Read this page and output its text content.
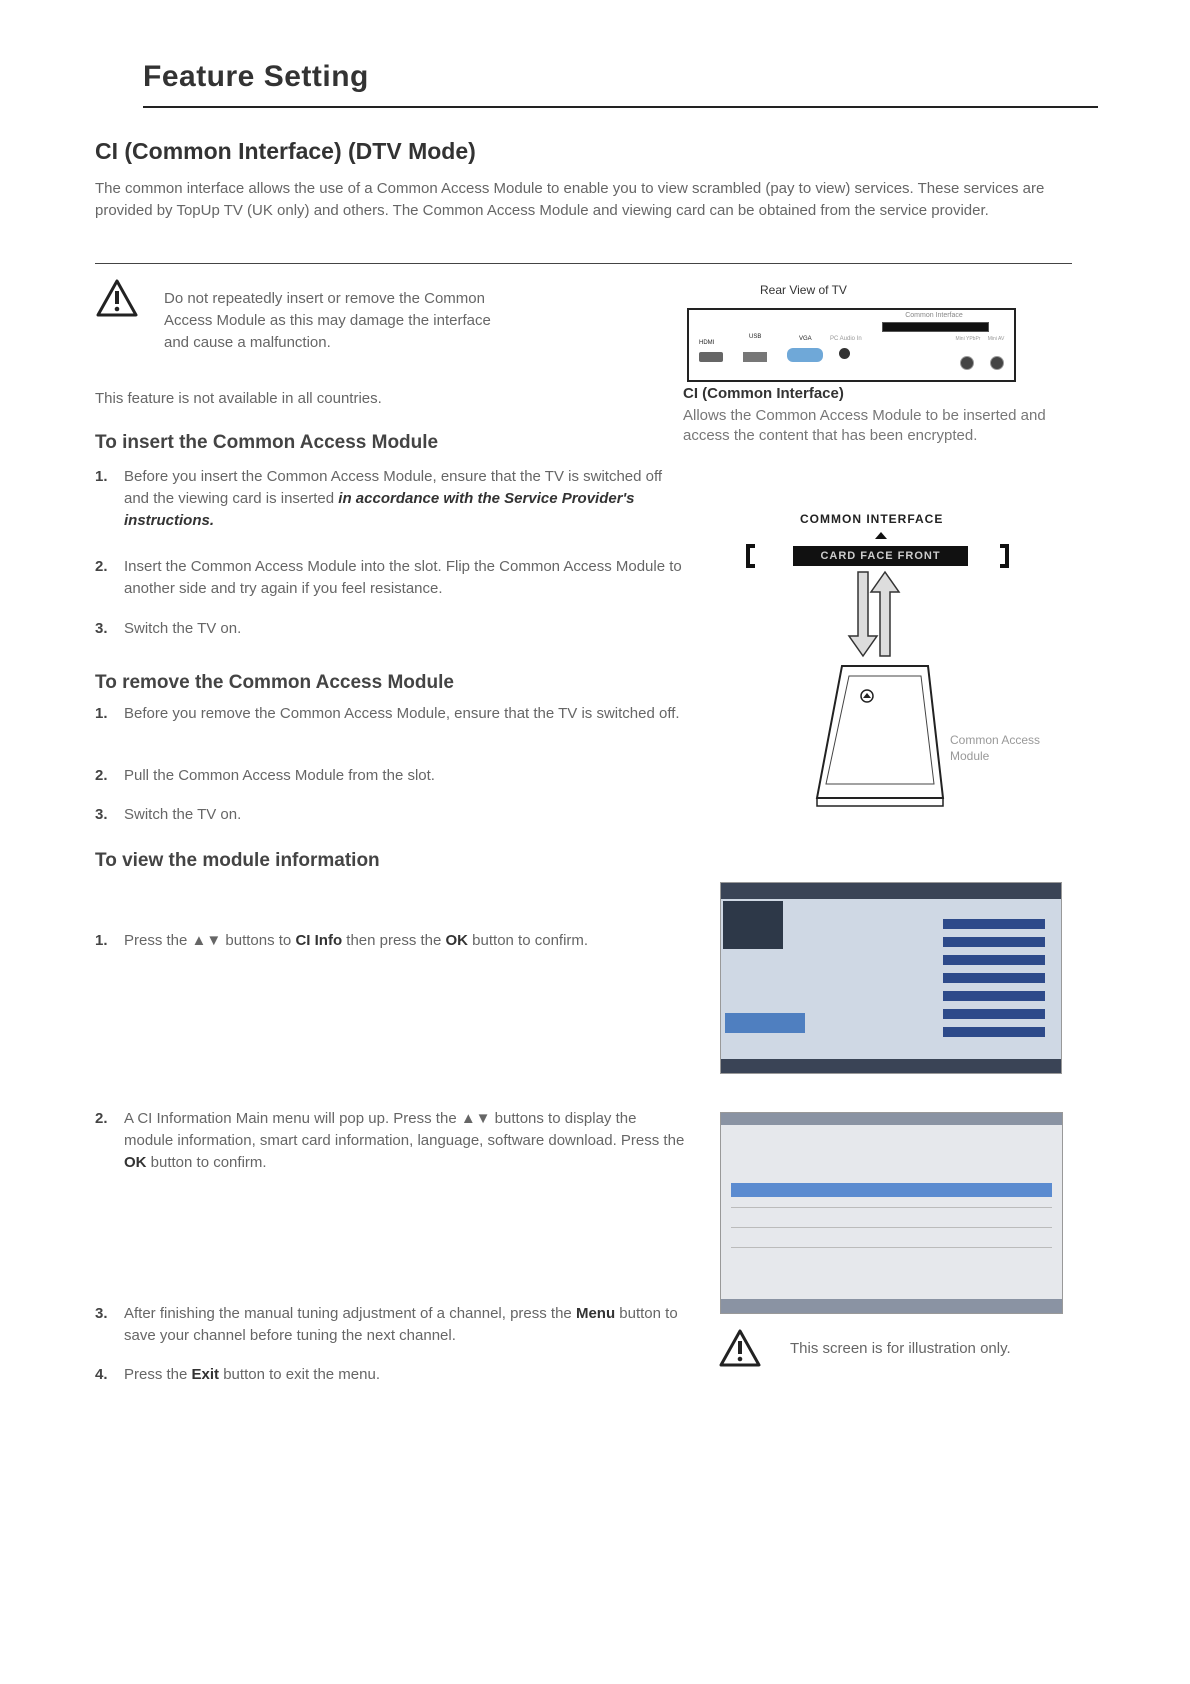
Feature Setting
CI (Common Interface) (DTV Mode)
The common interface allows the use of a Common Access Module to enable you to view scrambled (pay to view) services. These services are provided by TopUp TV (UK only) and others. The Common Access Module and viewing card can be obtained from the service provider.
Do not repeatedly insert or remove the Common Access Module as this may damage the interface and cause a malfunction.
This feature is not available in all countries.
To insert the Common Access Module
1. Before you insert the Common Access Module, ensure that the TV is switched off and the viewing card is inserted in accordance with the Service Provider's instructions.
2. Insert the Common Access Module into the slot. Flip the Common Access Module to another side and try again if you feel resistance.
3. Switch the TV on.
To remove the Common Access Module
1. Before you remove the Common Access Module, ensure that the TV is switched off.
2. Pull the Common Access Module from the slot.
3. Switch the TV on.
To view the module information
1. Press the ▲▼ buttons to CI Info then press the OK button to confirm.
2. A CI Information Main menu will pop up. Press the ▲▼ buttons to display the module information, smart card information, language, software download. Press the OK button to confirm.
3. After finishing the manual tuning adjustment of a channel, press the Menu button to save your channel before tuning the next channel.
4. Press the Exit button to exit the menu.
Rear View of TV
Common Interface
HDMI
USB	VGA	PC Audio In	Mini YPbPr	Mini AV
CI (Common Interface)
Allows the Common Access Module to be inserted and access the content that has been encrypted.
COMMON INTERFACE
CARD FACE FRONT
Common Access Module
This screen is for illustration only.
